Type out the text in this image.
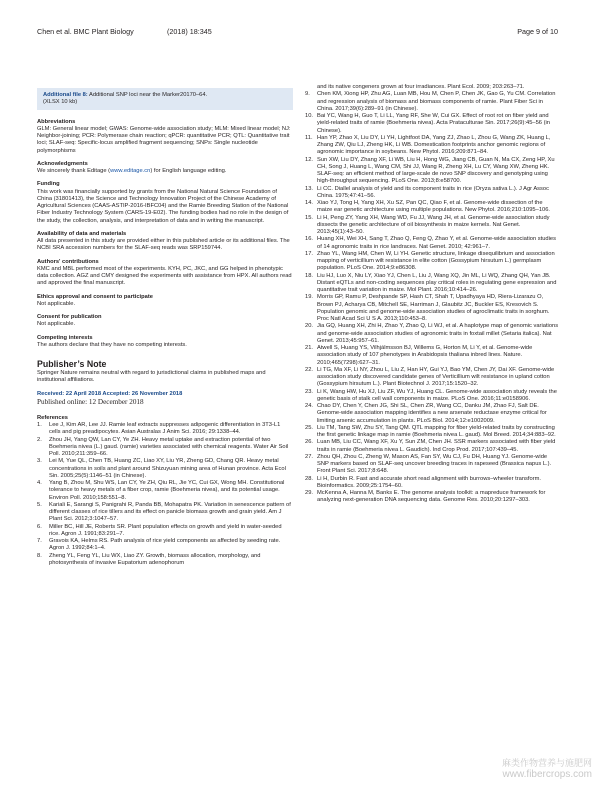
Chen et al. BMC Plant Biology	(2018) 18:345	Page 9 of 10
Additional file 8: Additional SNP loci near the Marker20170–64.
(XLSX 10 kb)
Abbreviations
GLM: General linear model; GWAS: Genome-wide association study; MLM: Mixed linear model; NJ: Neighbor-joining; PCR: Polymerase chain reaction; qPCR: quantitative PCR; QTL: Quantitative trait loci; SLAF-seq: Specific-locus amplified fragment sequencing; SNPs: Single nucleotide polymorphisms
Acknowledgments
We sincerely thank Editage (www.editage.cn) for English language editing.
Funding
This work was financially supported by grants from the National Natural Science Foundation of China (31801413), the Science and Technology Innovation Project of the Chinese Academy of Agricultural Sciences (CAAS-ASTIP-2016-IBFC04) and the Ramie Breeding Station of the National Fiber Industry Technology System (CARS-19-E02). The funding bodies had no role in the design of the study, the collection, analysis, and interpretation of data and in writing the manuscript.
Availability of data and materials
All data presented in this study are provided either in this published article or its additional files. The NCBI SRA accession numbers for the SLAF-seq reads was SRP159744.
Authors' contributions
KMC and MBL performed most of the experiments. KYH, PC, JKC, and GG helped in phenotypic data collection. AGZ and CMY designed the experiments with assistance from HPX. All authors read and approved the final manuscript.
Ethics approval and consent to participate
Not applicable.
Consent for publication
Not applicable.
Competing interests
The authors declare that they have no competing interests.
Publisher’s Note
Springer Nature remains neutral with regard to jurisdictional claims in published maps and institutional affiliations.
Received: 22 April 2018 Accepted: 26 November 2018
Published online: 12 December 2018
References
1.	Lee J, Kim AR, Lee JJ. Ramie leaf extracts suppresses adipogenic differentiation in 3T3-L1 cells and pig preadipocytes. Asian Australas J Anim Sci. 2016; 29:1338–44.
2.	Zhou JH, Yang QW, Lan CY, Ye ZH. Heavy metal uptake and extraction potential of two Boehmeria nivea (L.) gaud. (ramie) varieties associated with chemical reagents. Water Air Soil Poll. 2010;211:359–66.
3.	Lei M, Yue QL, Chen TB, Huang ZC, Liao XY, Liu YR, Zheng GD, Chang QR. Heavy metal concentrations in soils and plant around Shizuyuan mining area of Hunan province. Acta Ecol Sin. 2005;25(5):1146–51 (in Chinese).
4.	Yang B, Zhou M, Shu WS, Lan CY, Ye ZH, Qiu RL, Jie YC, Cui GX, Wong MH. Constitutional tolerance to heavy metals of a fiber crop, ramie (Boehmeria nivea), and its potential usage. Environ Poll. 2010;158:551–8.
5.	Kariali E, Sarangi S, Panigrahi R, Panda BB, Mohapatra PK. Variation in senescence pattern of different classes of rice tillers and its effect on panicle biomass growth and grain yield. Am J Plant Sci. 2012;3:1047–57.
6.	Miller BC, Hill JE, Roberts SR. Plant population effects on growth and yield in water-seeded rice. Agron J. 1991;83:291–7.
7.	Gravois KA, Helms RS. Path analysis of rice yield components as affected by seeding rate. Agron J. 1992;84:1–4.
8.	Zheng YL, Feng YL, Liu WX, Liao ZY. Growth, biomass allocation, morphology, and photosynthesis of invasive Eupatorium adenophorum
and its native congeners grown at four irradiances. Plant Ecol. 2009; 203:263–71.
9.	Chen KM, Xiong HP, Zhu AG, Luan MB, Hou M, Chen P, Chen JK, Gao G, Yu CM. Correlation and regression analysis of biomass and biomass components of ramie. Plant Fiber Sci in China. 2017;39(6):289–91 (in Chinese).
10. Bai YC, Wang H, Guo T, Li LL, Yang RF, She W, Cui GX. Effect of root rot on fiber yield and yield-related traits of ramie (Boehmeria nivea). Acta Prataculturae Sin. 2017;26(9):45–56 (in Chinese).
11. Han YP, Zhao X, Liu DY, Li YH, Lightfoot DA, Yang ZJ, Zhao L, Zhou G, Wang ZK, Huang L, Zhang ZW, Qiu LJ, Zheng HK, Li WB. Domestication footprints anchor genomic regions of agronomic importance in soybeans. New Phytol. 2016;209:871–84.
12. Sun XW, Liu DY, Zhang XF, Li WB, Liu H, Hong WG, Jiang CB, Guan N, Ma CX, Zeng HP, Xu CH, Song J, Huang L, Wang CM, Shi JJ, Wang R, Zheng XH, Lu CY, Wang XW, Zheng HK. SLAF-seq: an efficient method of large-scale de novo SNP discovery and genotyping using high-throughput sequencing. PLoS One. 2013;8:e58700.
13. Li CC. Diallel analysis of yield and its component traits in rice (Oryza sativa L.). J Agr Assoc China. 1975;47:41–56.
14. Xiao YJ, Tong H, Yang XH, Xu SZ, Pan QC, Qiao F, et al. Genome-wide dissection of the maize ear genetic architecture using multiple populations. New Phytol. 2016;210:1095–106.
15. Li H, Peng ZY, Yang XH, Wang WD, Fu JJ, Wang JH, et al. Genome-wide association study dissects the genetic architecture of oil biosynthesis in maize kernels. Nat Genet. 2013;45(1):43–50.
16. Huang XH, Wei XH, Sang T, Zhao Q, Feng Q, Zhao Y, et al. Genome-wide association studies of 14 agronomic traits in rice landraces. Nat Genet. 2010; 42:961–7.
17. Zhao YL, Wang HM, Chen W, Li YH. Genetic structure, linkage disequilibrium and association mapping of verticillium wilt resistance in elite cotton (Gossypium hirsutum L.) germplasm population. PLoS One. 2014;9:e86308.
18. Liu HJ, Luo X, Niu LY, Xiao YJ, Chen L, Liu J, Wang XQ, Jin ML, Li WQ, Zhang QH, Yan JB. Distant eQTLs and non-coding sequences play critical roles in regulating gene expression and quantitative trait variation in maize. Mol Plant. 2016;10:414–26.
19. Morris GP, Ramu P, Deshpande SP, Hash CT, Shah T, Upadhyaya HD, Riera-Lizarazu O, Brown PJ, Acharya CB, Mitchell SE, Harriman J, Glaubitz JC, Buckler ES, Kresovich S. Population genomic and genome-wide association studies of agroclimatic traits in sorghum. Proc Natl Acad Sci U S A. 2013;110:453–8.
20. Jia GQ, Huang XH, Zhi H, Zhao Y, Zhao Q, Li WJ, et al. A haplotype map of genomic variations and genome-wide association studies of agronomic traits in foxtail millet (Setaria italica). Nat Genet. 2013;45:957–61.
21. Atwell S, Huang YS, Vilhjálmsson BJ, Willems G, Horton M, Li Y, et al. Genome-wide association study of 107 phenotypes in Arabidopsis thaliana inbred lines. Nature. 2010;465(7298):627–31.
22. Li TG, Ma XF, Li NY, Zhou L, Liu Z, Han HY, Gui YJ, Bao YM, Chen JY, Dai XF. Genome-wide association study discovered candidate genes of Verticillium wilt resistance in upland cotton (Gossypium hirsutum L.). Plant Biotechnol J. 2017;15:1520–32.
23. Li K, Wang HW, Hu XJ, Liu ZF, Wu YJ, Huang CL. Genome-wide association study reveals the genetic basis of stalk cell wall components in maize. PLoS One. 2016;11:e0158906.
24. Chao DY, Chen Y, Chen JG, Shi SL, Chen ZR, Wang CC, Danku JM, Zhao FJ, Salt DE. Genome-wide association mapping identifies a new arsenate reductase enzyme critical for limiting arsenic accumulation in plants. PLoS Biol. 2014;12:e1002009.
25. Liu TM, Tang SW, Zhu SY, Tang QM. QTL mapping for fiber yield-related traits by constructing the first genetic linkage map in ramie (Boehmeria nivea L. gaud). Mol Breed. 2014;34:883–92.
26. Luan MB, Liu CC, Wang XF, Xu Y, Sun ZM, Chen JH. SSR markers associated with fiber yield traits in ramie (Boehmeria nivea L. Gaudich). Ind Crop Prod. 2017;107:439–45.
27. Zhou QH, Zhou C, Zheng W, Mason AS, Fan SY, Wu CJ, Fu DH, Huang YJ. Genome-wide SNP markers based on SLAF-seq uncover breeding traces in rapeseed (Brassica napus L.). Front Plant Sci. 2017;8:648.
28. Li H, Durbin R. Fast and accurate short read alignment with burrows–wheeler transform. Bioinformatics. 2009;25:1754–60.
29. McKenna A, Hanna M, Banks E. The genome analysis toolkit: a mapreduce framework for analyzing next-generation DNA sequencing data. Genome Res. 2010;20:1297–303.
麻类作物营养与施肥网
www.fibercrops.com
